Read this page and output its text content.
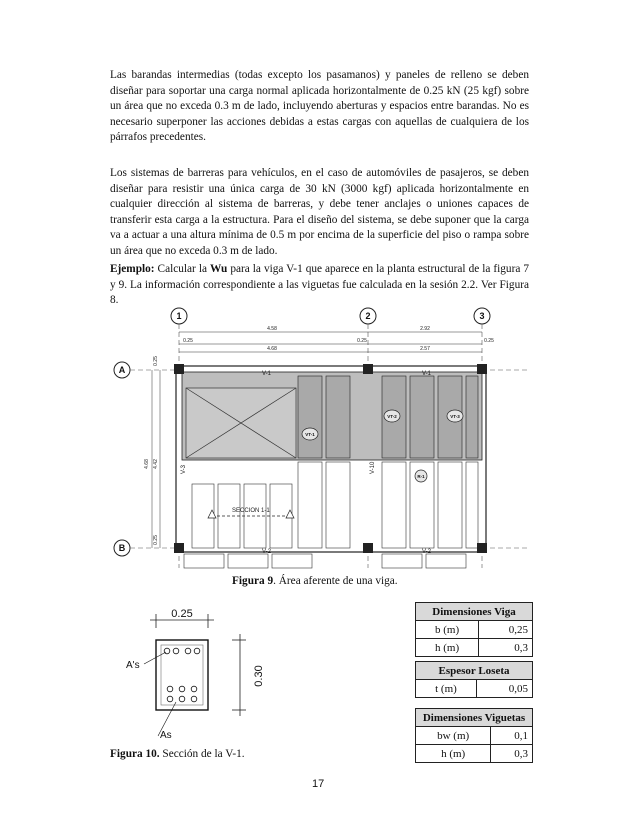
Las barandas intermedias (todas excepto los pasamanos) y paneles de relleno se deben diseñar para soportar una carga normal aplicada horizontalmente de 0.25 kN (25 kgf) sobre un área que no exceda 0.3 m de lado, incluyendo aberturas y espacios entre barandas. No es necesario superponer las acciones debidas a estas cargas con aquellas de cualquiera de los párrafos precedentes.

Los sistemas de barreras para vehículos, en el caso de automóviles de pasajeros, se deben diseñar para resistir una única carga de 30 kN (3000 kgf) aplicada horizontalmente en cualquier dirección al sistema de barreras, y debe tener anclajes o uniones capaces de transferir esta carga a la estructura. Para el diseño del sistema, se debe suponer que la carga va a actuar a una altura mínima de 0.5 m por encima de la superficie del piso o rampa sobre un área que no exceda 0.3 m de lado.

Ejemplo: Calcular la Wu para la viga V-1 que aparece en la planta estructural de la figura 7 y 9. La información correspondiente a las viguetas fue calculada en la sesión 2.2. Ver Figura 8.

1	2	3
A
B
4.58	2.92
4.68	2.57
0.25	0.25	0.25
4.68 4.42
0.25
0.25
V-1	V-1
V-2	V-2
SECCION 1-1
V-3	V-10
VT-1
VT-2	VT-3
R-1
Figura 9. Área aferente de una viga.
0.25
0.30
A's
As
Dimensiones Viga	
b (m)	0,25
h (m)	0,3
Espesor Loseta
t (m)	0,05
Dimensiones Viguetas	
bw (m)	0,1
h (m)	0,3
Figura 10. Sección de la V-1.
17
